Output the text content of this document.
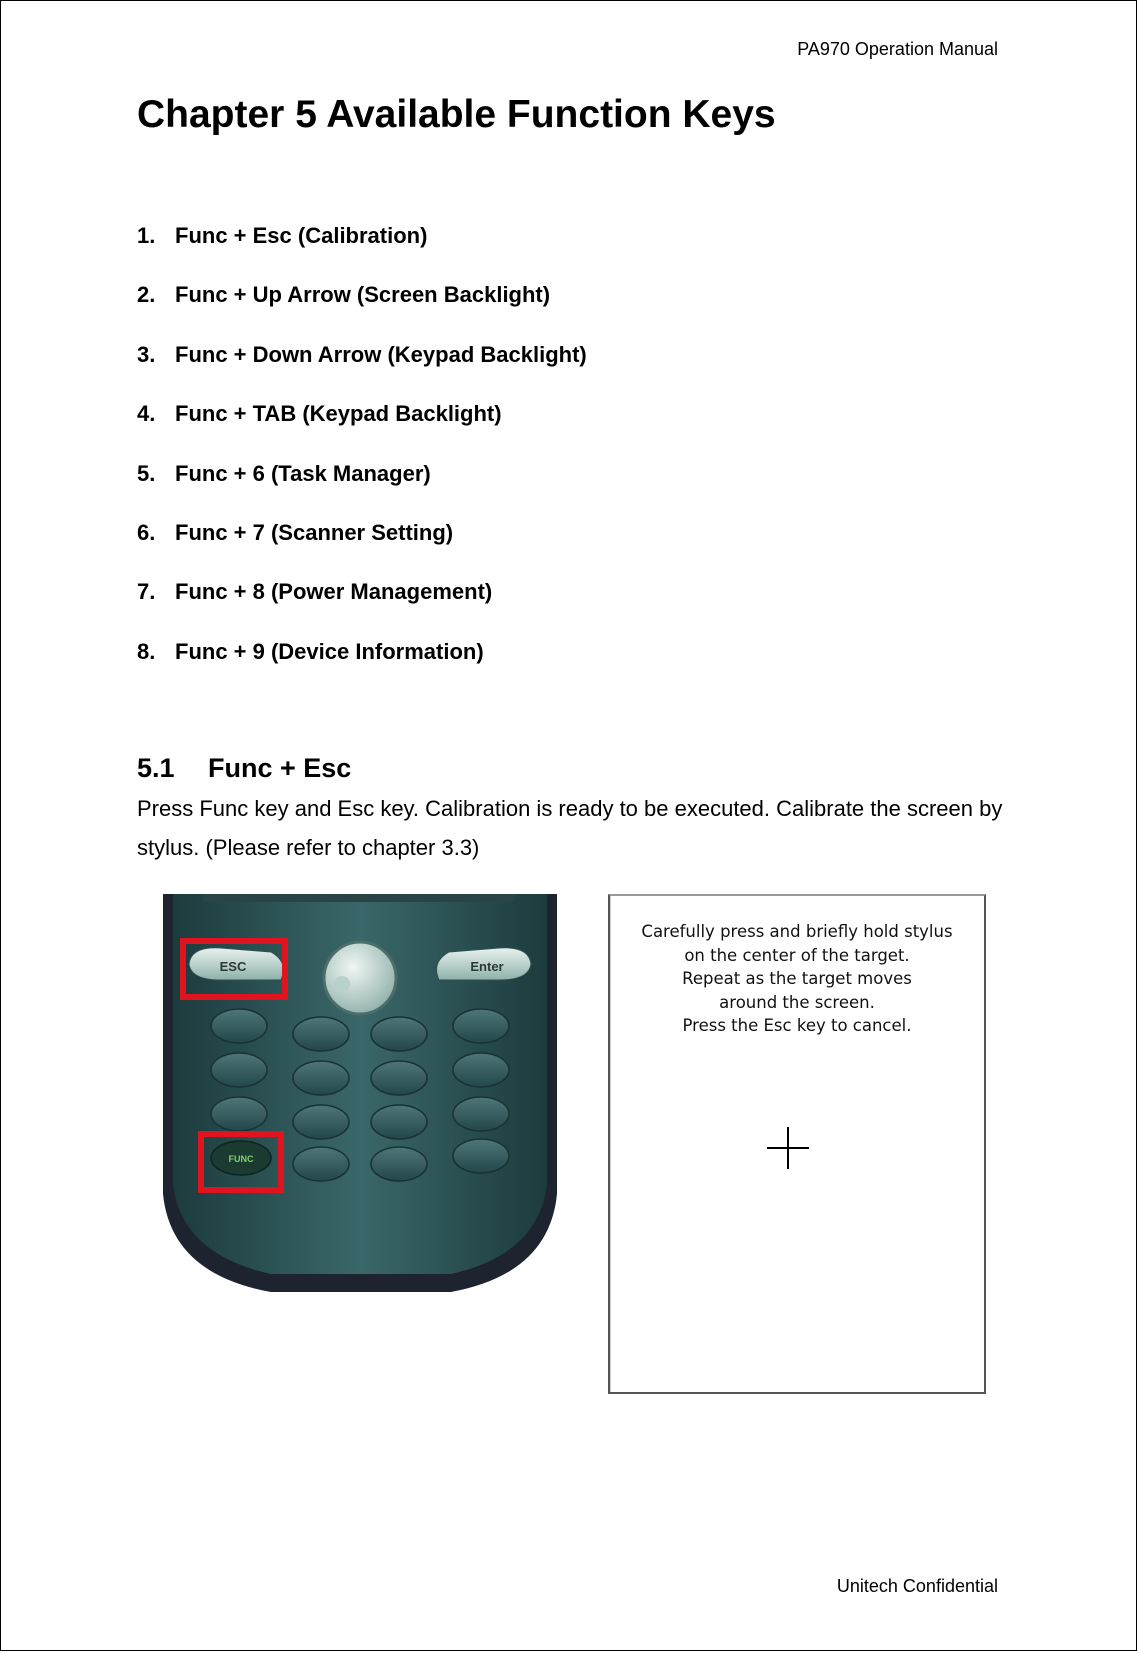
PA970 Operation Manual
Chapter 5 Available Function Keys
1. Func + Esc (Calibration)
2. Func + Up Arrow (Screen Backlight)
3. Func + Down Arrow (Keypad Backlight)
4. Func + TAB (Keypad Backlight)
5. Func + 6 (Task Manager)
6. Func + 7 (Scanner Setting)
7. Func + 8 (Power Management)
8. Func + 9 (Device Information)
5.1 Func + Esc
Press Func key and Esc key. Calibration is ready to be executed. Calibrate the screen by stylus. (Please refer to chapter 3.3)
ESC	Enter
FUNC
Carefully press and briefly hold stylus
on the center of the target.
Repeat as the target moves
around the screen.
Press the Esc key to cancel.
Unitech Confidential
